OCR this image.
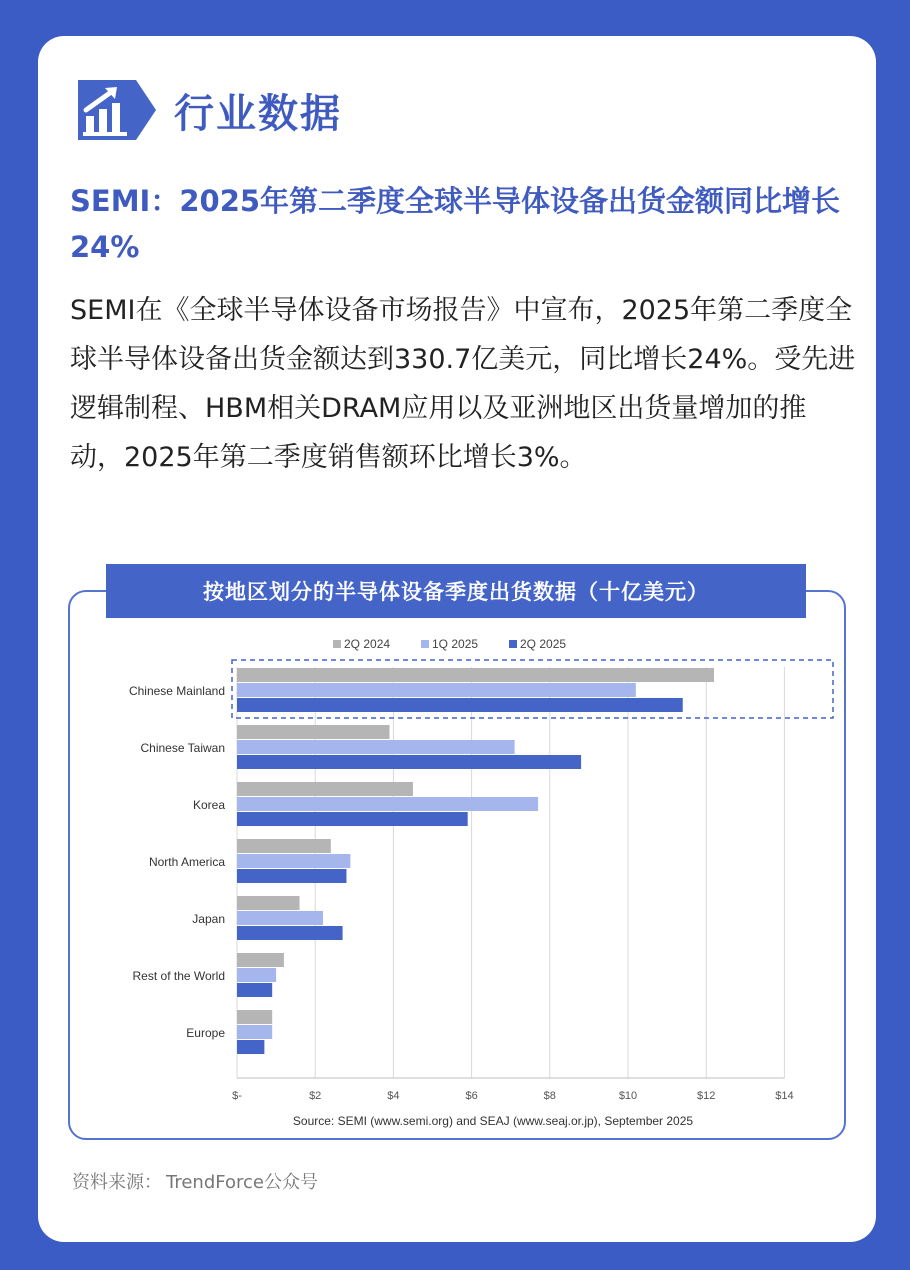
行业数据
SEMI：2025年第二季度全球半导体设备出货金额同比增长24%
SEMI在《全球半导体设备市场报告》中宣布，2025年第二季度全球半导体设备出货金额达到330.7亿美元，同比增长24%。受先进逻辑制程、HBM相关DRAM应用以及亚洲地区出货量增加的推动，2025年第二季度销售额环比增长3%。
$-	$2	$4	$6	$8	$10	$12	$14
Chinese Mainland
Chinese Taiwan
Korea
North America
Japan
Rest of the World
Europe
2Q 2024	1Q 2025	2Q 2025
Source: SEMI (www.semi.org) and SEAJ (www.seaj.or.jp), September 2025
按地区划分的半导体设备季度出货数据（十亿美元）
资料来源： TrendForce公众号
